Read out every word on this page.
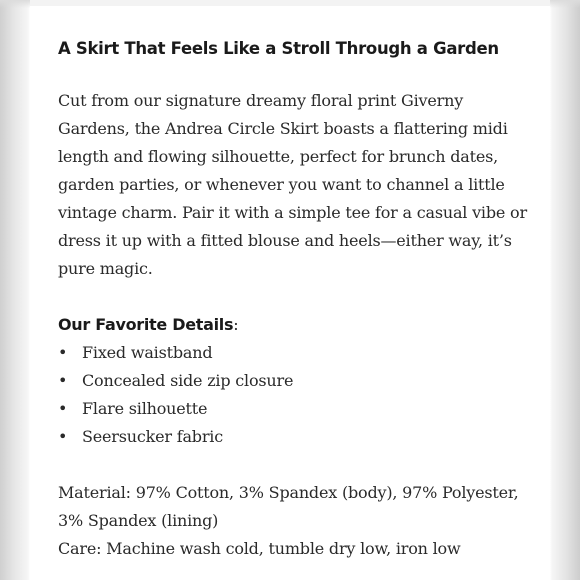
A Skirt That Feels Like a Stroll Through a Garden

Cut from our signature dreamy floral print Giverny Gardens, the Andrea Circle Skirt boasts a flattering midi length and flowing silhouette, perfect for brunch dates, garden parties, or whenever you want to channel a little vintage charm. Pair it with a simple tee for a casual vibe or dress it up with a fitted blouse and heels—either way, it’s pure magic.

Our Favorite Details:

• Fixed waistband
• Concealed side zip closure
• Flare silhouette
• Seersucker fabric

Material: 97% Cotton, 3% Spandex (body), 97% Polyester, 3% Spandex (lining)

Care: Machine wash cold, tumble dry low, iron low
